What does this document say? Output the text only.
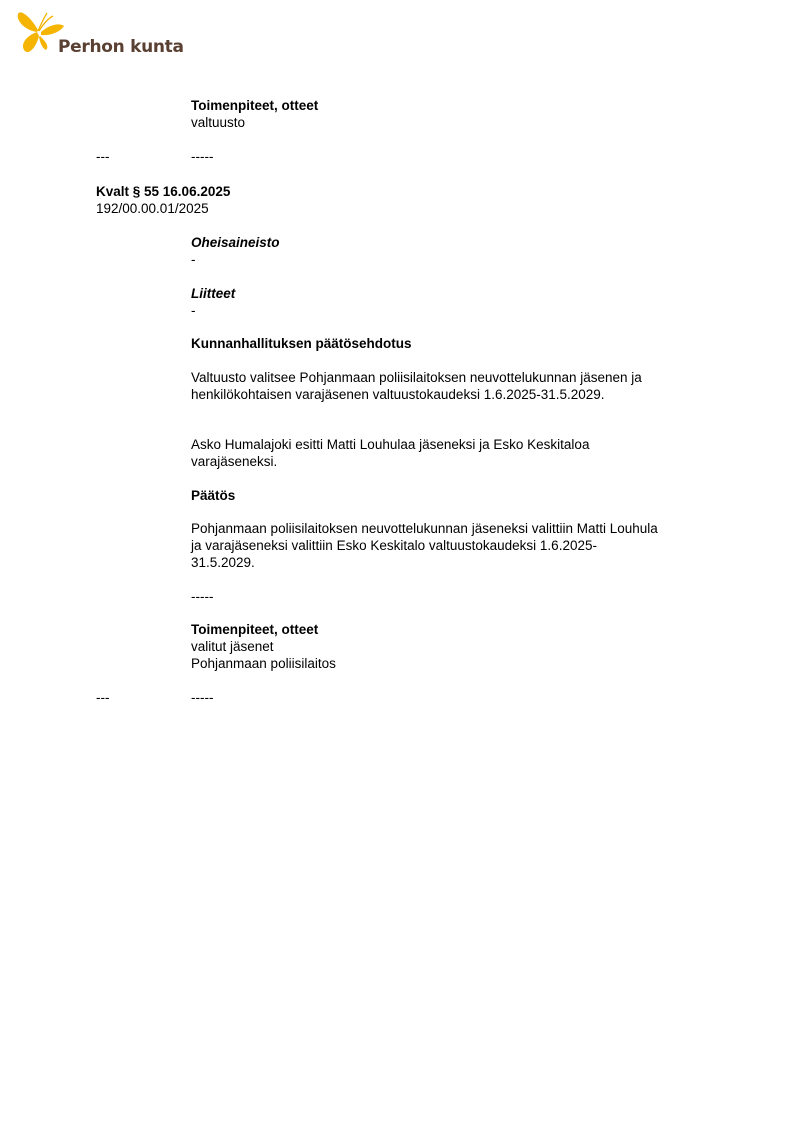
Perhon kunta
Toimenpiteet, otteet
valtuusto
---	-----
Kvalt § 55 16.06.2025
192/00.00.01/2025
Oheisaineisto
-
Liitteet
-
Kunnanhallituksen päätösehdotus
Valtuusto valitsee Pohjanmaan poliisilaitoksen neuvottelukunnan jäsenen ja
henkilökohtaisen varajäsenen valtuustokaudeksi 1.6.2025-31.5.2029.
Asko Humalajoki esitti Matti Louhulaa jäseneksi ja Esko Keskitaloa
varajäseneksi.
Päätös
Pohjanmaan poliisilaitoksen neuvottelukunnan jäseneksi valittiin Matti Louhula
ja varajäseneksi valittiin Esko Keskitalo valtuustokaudeksi 1.6.2025-
31.5.2029.
-----
Toimenpiteet, otteet
valitut jäsenet
Pohjanmaan poliisilaitos
---	-----
